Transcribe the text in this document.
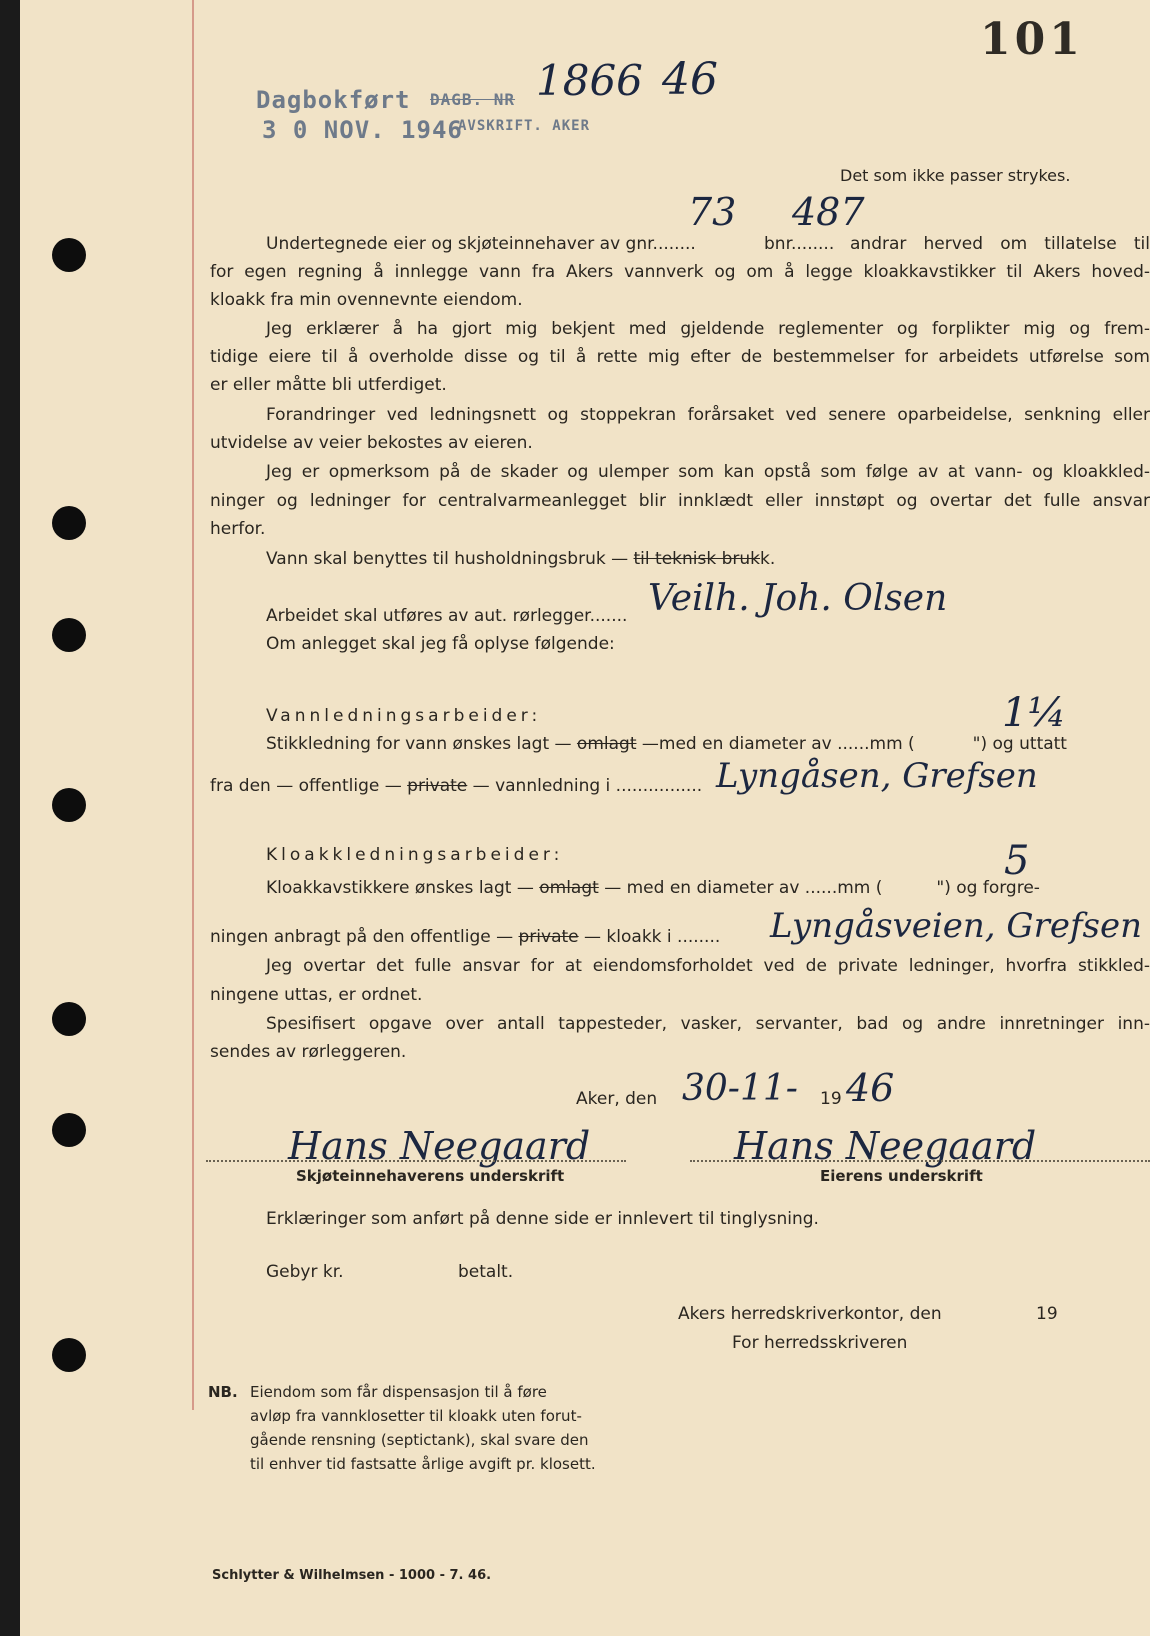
Dagbokført
3 0 NOV. 1946
DAGB. NR
AVSKRIFT. AKER
1866 46
101
Det som ikke passer strykes.
73 487
Undertegnede eier og skjøteinnehaver av gnr........	bnr........ andrar herved om tillatelse til
for egen regning å innlegge vann fra Akers vannverk og om å legge kloakkavstikker til Akers hoved-
kloakk fra min ovennevnte eiendom.
Jeg erklærer å ha gjort mig bekjent med gjeldende reglementer og forplikter mig og frem-
tidige eiere til å overholde disse og til å rette mig efter de bestemmelser for arbeidets utførelse som
er eller måtte bli utferdiget.
Forandringer ved ledningsnett og stoppekran forårsaket ved senere oparbeidelse, senkning eller
utvidelse av veier bekostes av eieren.
Jeg er opmerksom på de skader og ulemper som kan opstå som følge av at vann- og kloakkled-
ninger og ledninger for centralvarmeanlegget blir innklædt eller innstøpt og overtar det fulle ansvar
herfor.
Vann skal benyttes til husholdningsbruk — til teknisk brukk.
Arbeidet skal utføres av aut. rørlegger....... Veilh. Joh. Olsen
Om anlegget skal jeg få oplyse følgende:
Vannledningsarbeider:
Stikkledning for vann ønskes lagt — omlagt —med en diameter av ......mm (	") og uttatt
1¼
fra den — offentlige — private — vannledning i ................ Lyngåsen, Grefsen
Kloakkledningsarbeider:
Kloakkavstikkere ønskes lagt — omlagt — med en diameter av ......mm (	") og forgre-
5
ningen anbragt på den offentlige — private — kloakk i ........ Lyngåsveien, Grefsen
Jeg overtar det fulle ansvar for at eiendomsforholdet ved de private ledninger, hvorfra stikkled-
ningene uttas, er ordnet.
Spesifisert opgave over antall tappesteder, vasker, servanter, bad og andre innretninger inn-
sendes av rørleggeren.
Aker, den 30-11- 19 46
Hans Neegaard
Skjøteinnehaverens underskrift
Hans Neegaard
Eierens underskrift
Erklæringer som anført på denne side er innlevert til tinglysning.
Gebyr kr.	betalt.
Akers herredskriverkontor, den	19
For herredsskriveren
NB. Eiendom som får dispensasjon til å føre
avløp fra vannklosetter til kloakk uten forut-
gående rensning (septictank), skal svare den
til enhver tid fastsatte årlige avgift pr. klosett.
Schlytter & Wilhelmsen - 1000 - 7. 46.
